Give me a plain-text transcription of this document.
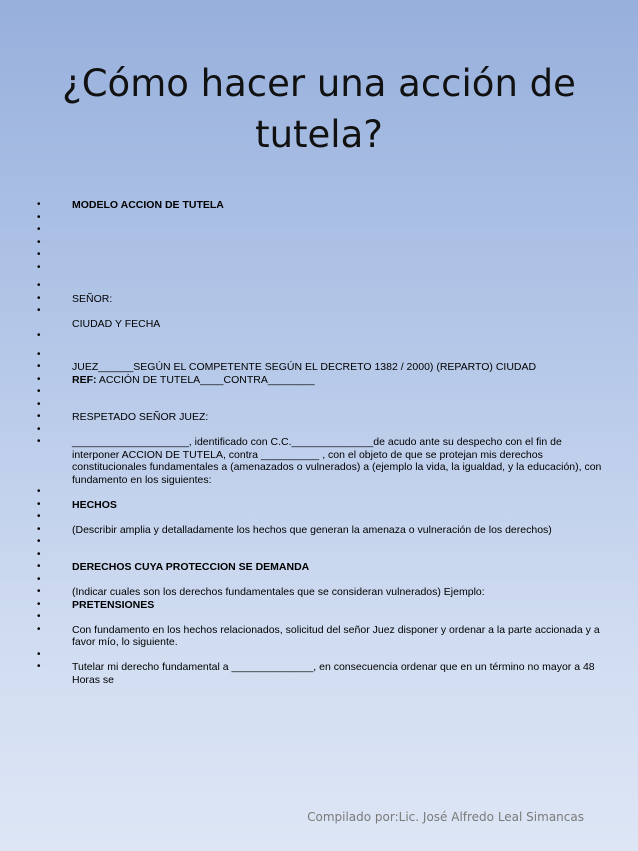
¿Cómo hacer una acción de tutela?
•	MODELO ACCION DE TUTELA
•

•

•

•

•

•

•	SEÑOR:
•

CIUDAD Y FECHA
•

•

•	JUEZ______SEGÚN EL COMPETENTE SEGÚN EL DECRETO 1382 / 2000) (REPARTO) CIUDAD
•	REF: ACCIÓN DE TUTELA____CONTRA________
•

•

•	RESPETADO SEÑOR JUEZ:
•

•	____________________, identificado con C.C.______________de acudo ante su despecho con el fin de interponer ACCION DE TUTELA, contra __________ , con el objeto de que se protejan mis derechos constitucionales fundamentales a (amenazados o vulnerados) a (ejemplo la vida, la igualdad, y la educación), con fundamento en los siguientes:
•

•	HECHOS
•

•	(Describir amplia y detalladamente los hechos que generan la amenaza o vulneración de los derechos)
•

•

•	DERECHOS CUYA PROTECCION SE DEMANDA
•

•	(Indicar cuales son los derechos fundamentales que se consideran vulnerados) Ejemplo:
•	PRETENSIONES
•

•	Con fundamento en los hechos relacionados, solicitud del señor Juez disponer y ordenar a la parte accionada y a favor mío, lo siguiente.
•

•	Tutelar mi derecho fundamental a ______________, en consecuencia ordenar que en un término no mayor a 48 Horas se
Compilado por:Lic. José Alfredo Leal Simancas
